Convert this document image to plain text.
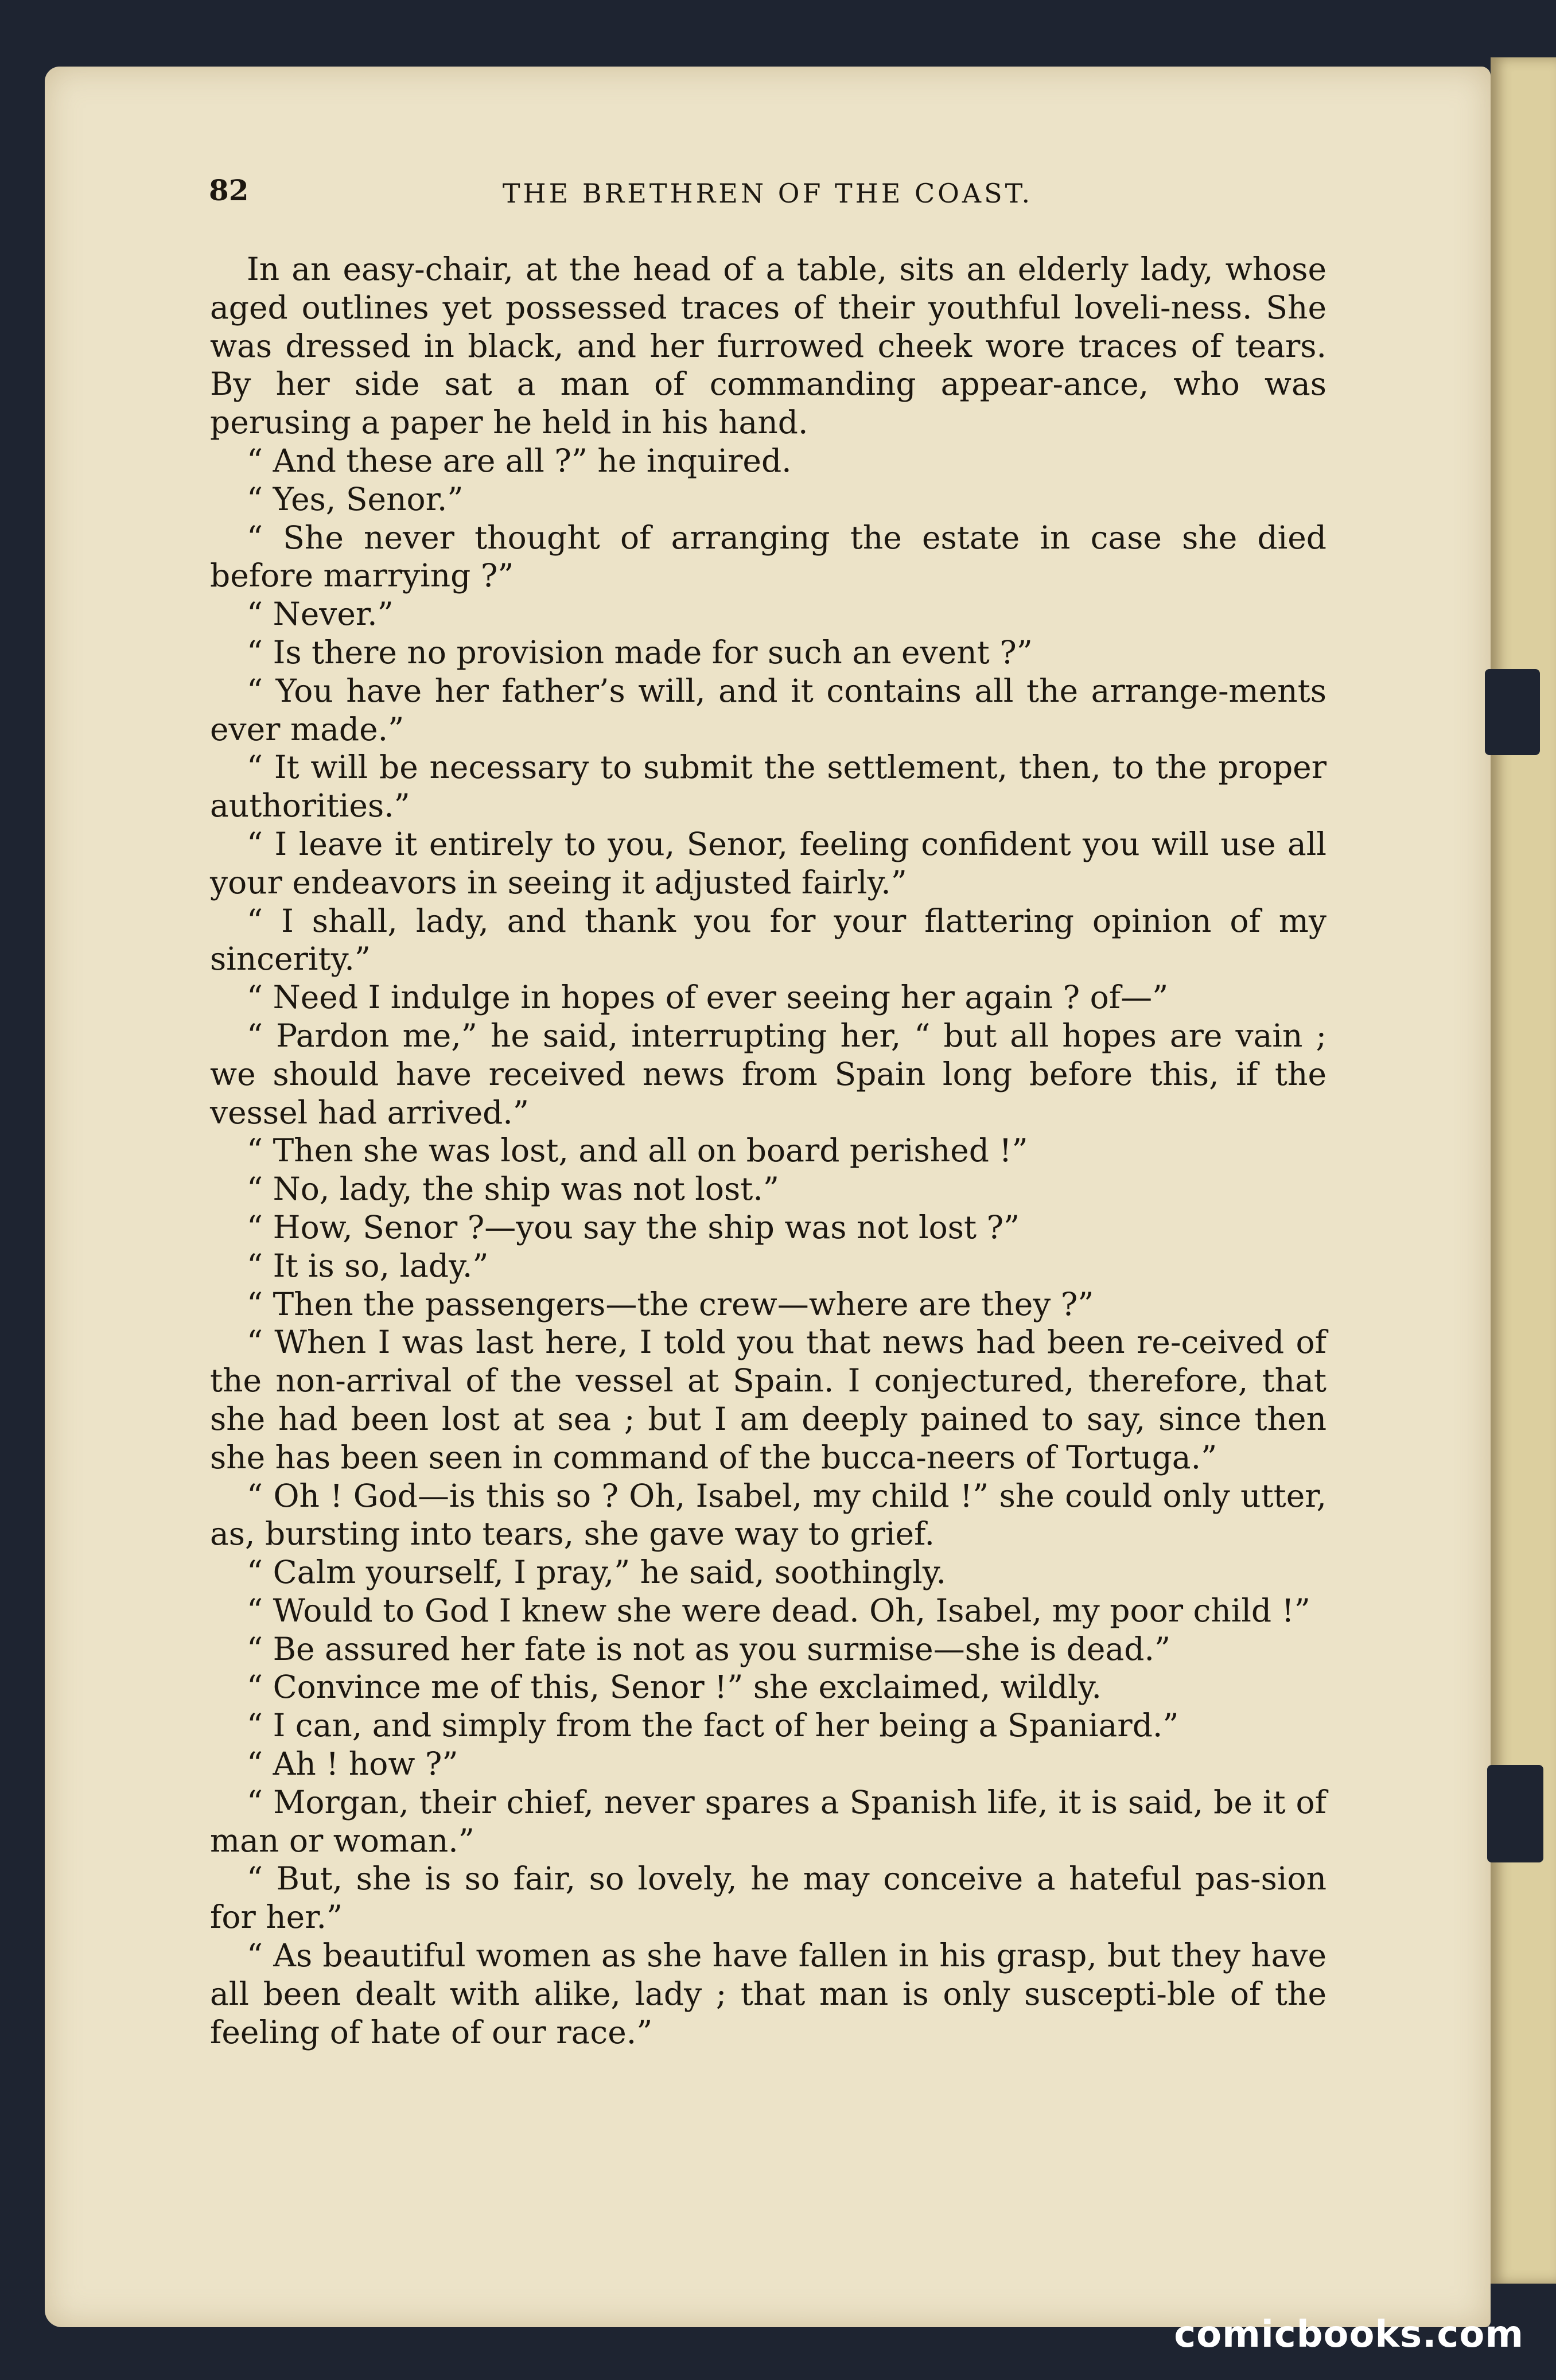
82	THE BRETHREN OF THE COAST.

In an easy-chair, at the head of a table, sits an elderly lady, whose aged outlines yet possessed traces of their youthful loveli-ness. She was dressed in black, and her furrowed cheek wore traces of tears. By her side sat a man of commanding appear-ance, who was perusing a paper he held in his hand.

“ And these are all ?” he inquired.

“ Yes, Senor.”

“ She never thought of arranging the estate in case she died before marrying ?”

“ Never.”

“ Is there no provision made for such an event ?”

“ You have her father’s will, and it contains all the arrange-ments ever made.”

“ It will be necessary to submit the settlement, then, to the proper authorities.”

“ I leave it entirely to you, Senor, feeling confident you will use all your endeavors in seeing it adjusted fairly.”

“ I shall, lady, and thank you for your flattering opinion of my sincerity.”

“ Need I indulge in hopes of ever seeing her again ? of—”

“ Pardon me,” he said, interrupting her, “ but all hopes are vain ; we should have received news from Spain long before this, if the vessel had arrived.”

“ Then she was lost, and all on board perished !”

“ No, lady, the ship was not lost.”

“ How, Senor ?—you say the ship was not lost ?”

“ It is so, lady.”

“ Then the passengers—the crew—where are they ?”

“ When I was last here, I told you that news had been re-ceived of the non-arrival of the vessel at Spain. I conjectured, therefore, that she had been lost at sea ; but I am deeply pained to say, since then she has been seen in command of the bucca-neers of Tortuga.”

“ Oh ! God—is this so ? Oh, Isabel, my child !” she could only utter, as, bursting into tears, she gave way to grief.

“ Calm yourself, I pray,” he said, soothingly.

“ Would to God I knew she were dead. Oh, Isabel, my poor child !”

“ Be assured her fate is not as you surmise—she is dead.”

“ Convince me of this, Senor !” she exclaimed, wildly.

“ I can, and simply from the fact of her being a Spaniard.”

“ Ah ! how ?”

“ Morgan, their chief, never spares a Spanish life, it is said, be it of man or woman.”

“ But, she is so fair, so lovely, he may conceive a hateful pas-sion for her.”

“ As beautiful women as she have fallen in his grasp, but they have all been dealt with alike, lady ; that man is only suscepti-ble of the feeling of hate of our race.”

comicbooks.com
